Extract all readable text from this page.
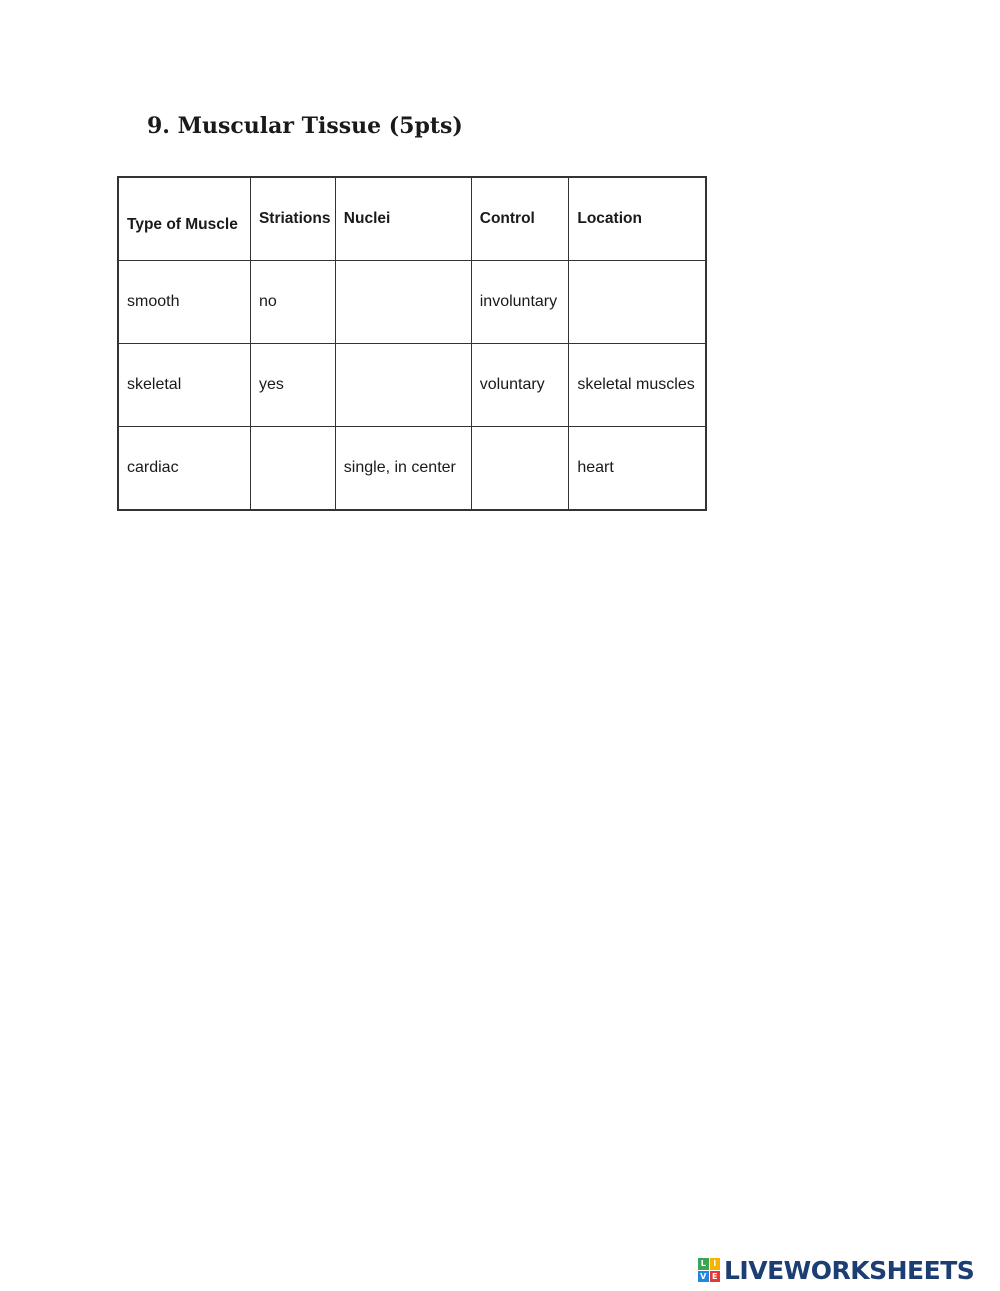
9. Muscular Tissue (5pts)
Type of Muscle	Striations	Nuclei	Control	Location
smooth	no		involuntary	
skeletal	yes		voluntary	skeletal muscles
cardiac		single, in center		heart
L I
V E LIVEWORKSHEETS
